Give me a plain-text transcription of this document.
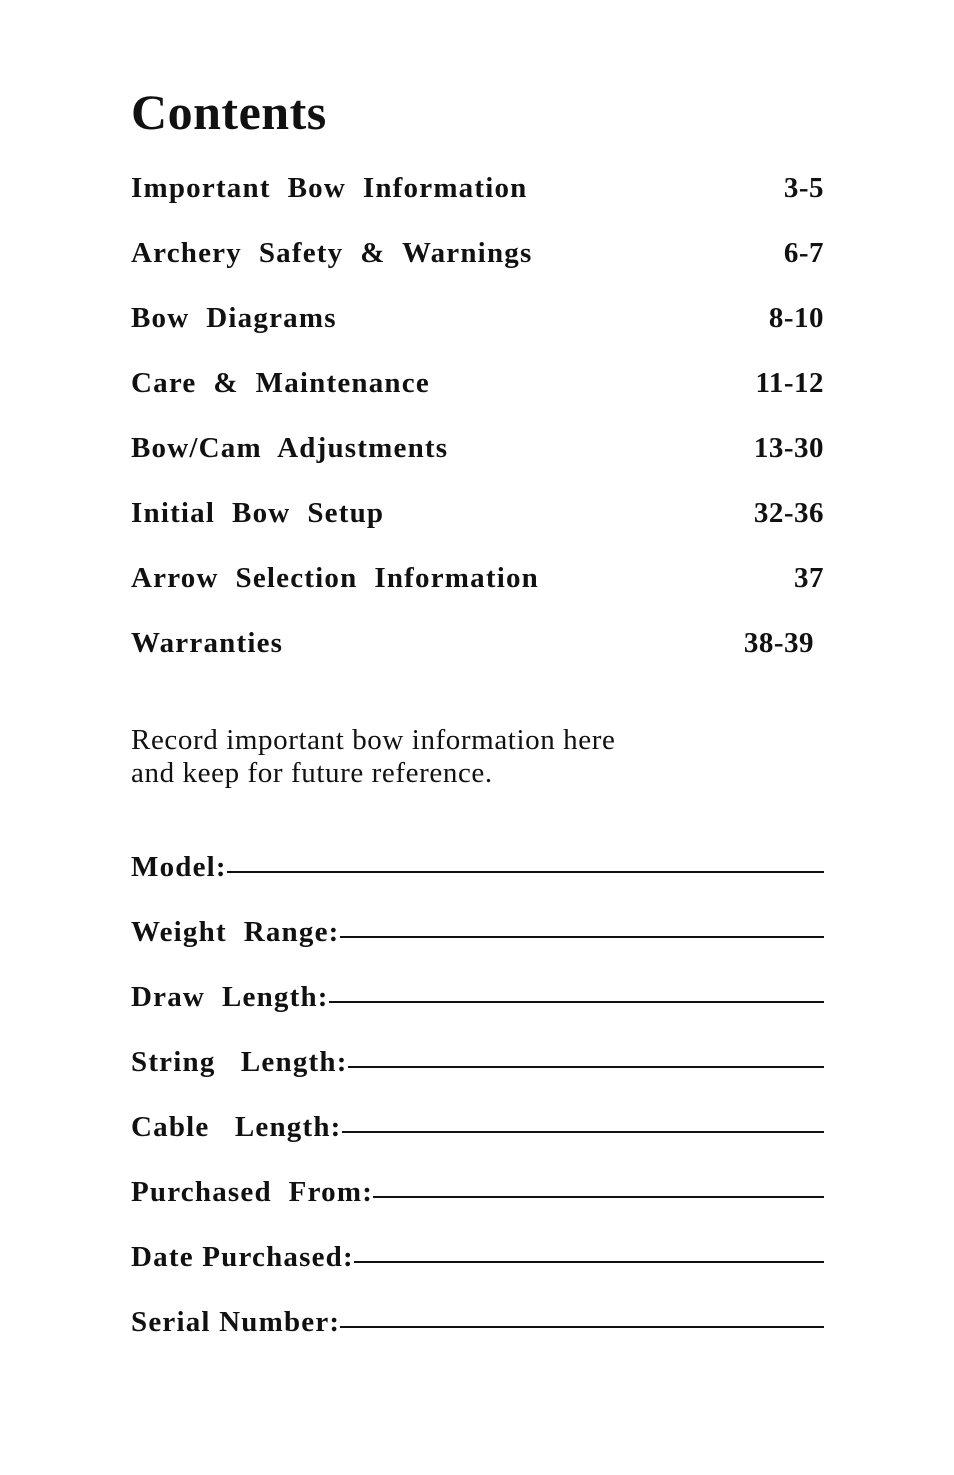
Contents
Important  Bow  Information	3-5
Archery  Safety  &  Warnings	6-7
Bow  Diagrams	8-10
Care  &  Maintenance	11-12
Bow/Cam  Adjustments	13-30
Initial  Bow  Setup	32-36
Arrow  Selection  Information	37
Warranties	38-39

Record important bow information here
and keep for future reference.

Model:
Weight  Range:
Draw  Length:
String   Length:
Cable   Length:
Purchased  From:
Date Purchased:
Serial Number:
